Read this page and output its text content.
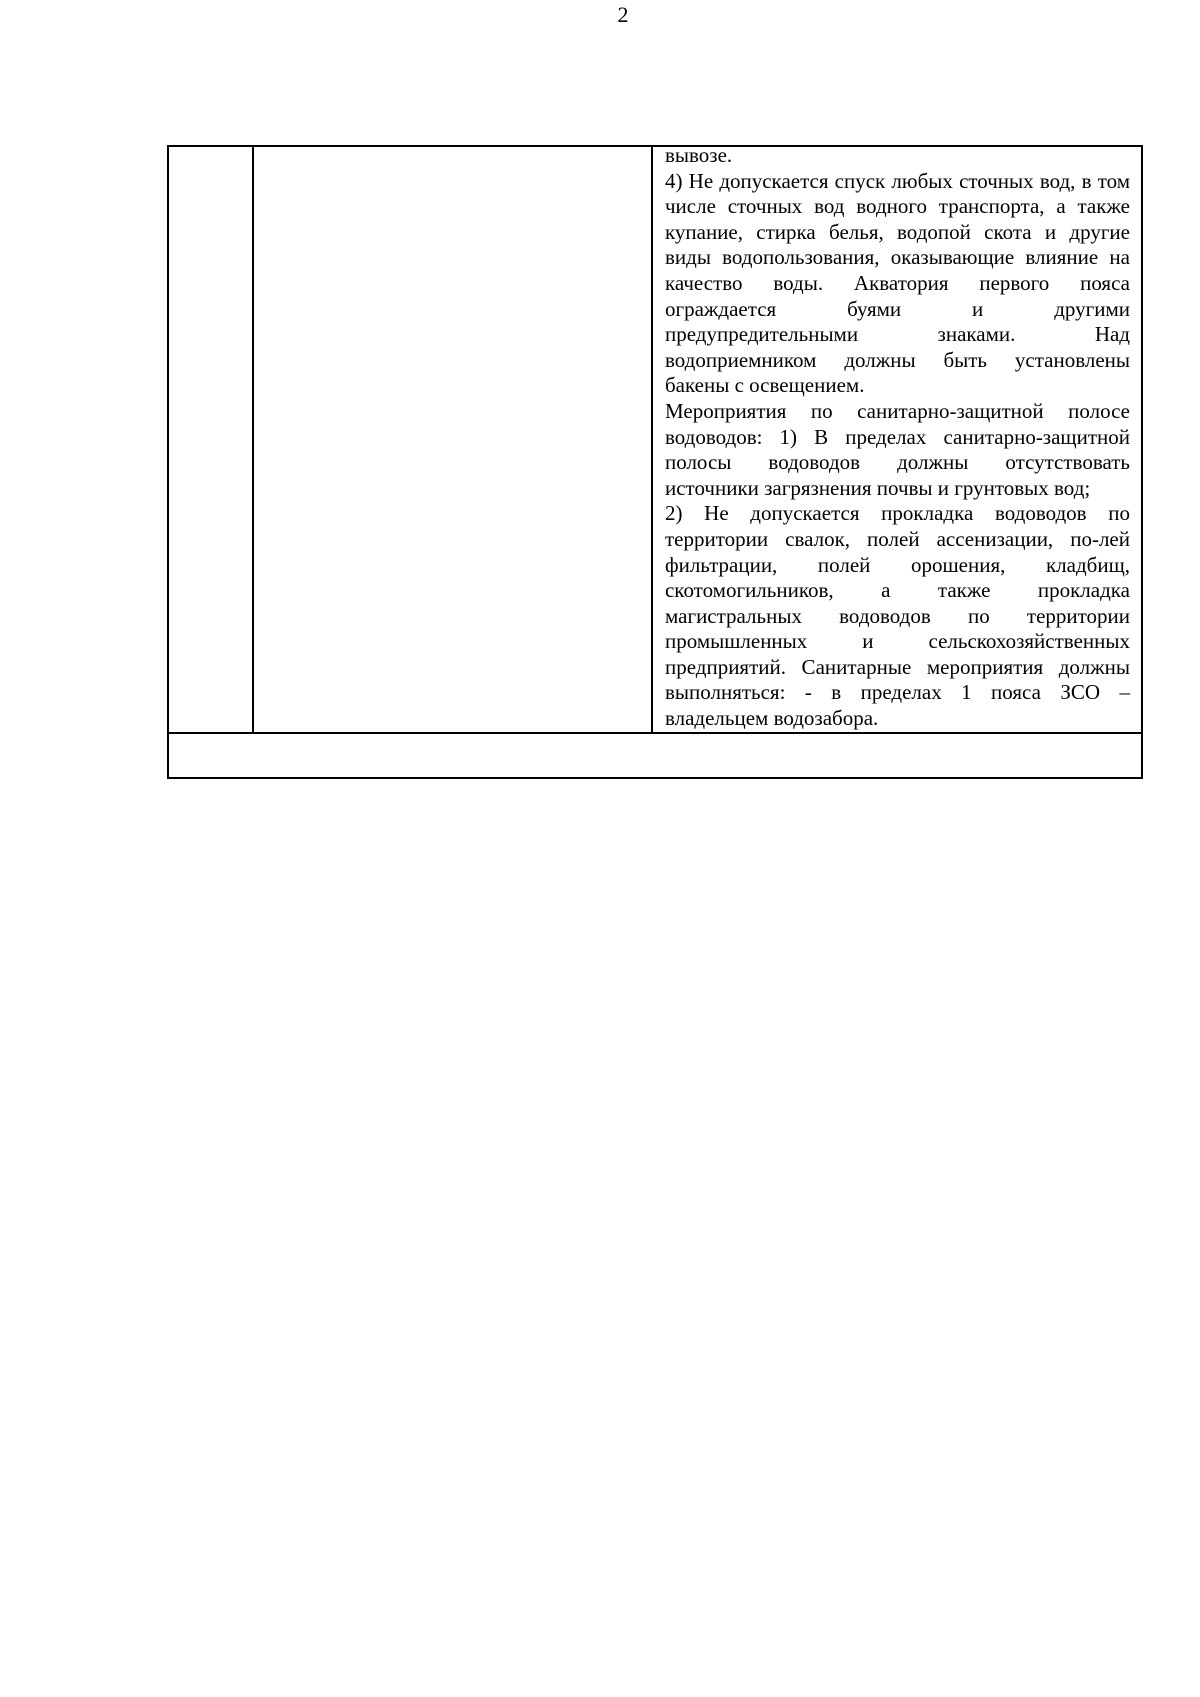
2

вывозе.

4) Не допускается спуск любых сточных вод, в том числе сточных вод водного транспорта, а также купание, стирка белья, водопой скота и другие виды водопользования, оказывающие влияние на качество воды. Акватория первого пояса ограждается буями и другими предупредительными знаками. Над водоприемником должны быть установлены бакены с освещением.

Мероприятия по санитарно-защитной полосе водоводов: 1) В пределах санитарно-защитной полосы водоводов должны отсутствовать источники загрязнения почвы и грунтовых вод;

2) Не допускается прокладка водоводов по территории свалок, полей ассенизации, по-лей фильтрации, полей орошения, кладбищ, скотомогильников, а также прокладка магистральных водоводов по территории промышленных и сельскохозяйственных предприятий. Санитарные мероприятия должны выполняться: - в пределах 1 пояса ЗСО – владельцем водозабора.
